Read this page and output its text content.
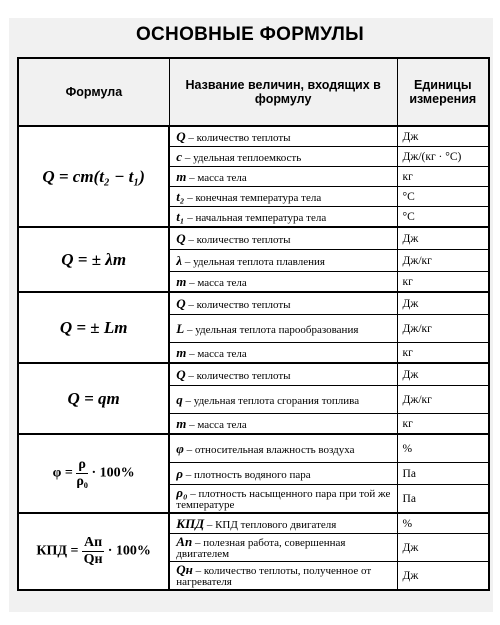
ОСНОВНЫЕ ФОРМУЛЫ
Формула	Название величин, входящих в формулу	Единицы измерения
Q = cm(t₂ − t₁)	Q – количество теплоты	Дж
	c – удельная теплоемкость	Дж/(кг · °С)
	m – масса тела	кг
	t₂ – конечная температура тела	°С
	t₁ – начальная температура тела	°С
Q = ± λm	Q – количество теплоты	Дж
	λ – удельная теплота плавления	Дж/кг
	m – масса тела	кг
Q = ± Lm	Q – количество теплоты	Дж
	L – удельная теплота парообразования	Дж/кг
	m – масса тела	кг
Q = qm	Q – количество теплоты	Дж
	q – удельная теплота сгорания топлива	Дж/кг
	m – масса тела	кг
$\varphi = \frac{\rho}{\text{ρ₀}} \cdot 100\%$	φ – относительная влажность воздуха	%
	ρ – плотность водяного пара	Па
	ρ₀ – плотность насыщенного пара при той же температуре	Па
КПД = $\frac{Aп}{Qн} \cdot 100\%$	КПД – КПД теплового двигателя	%
	Aп – полезная работа, совершенная двигателем	Дж
	Qн – количество теплоты, полученное от нагревателя	Дж
